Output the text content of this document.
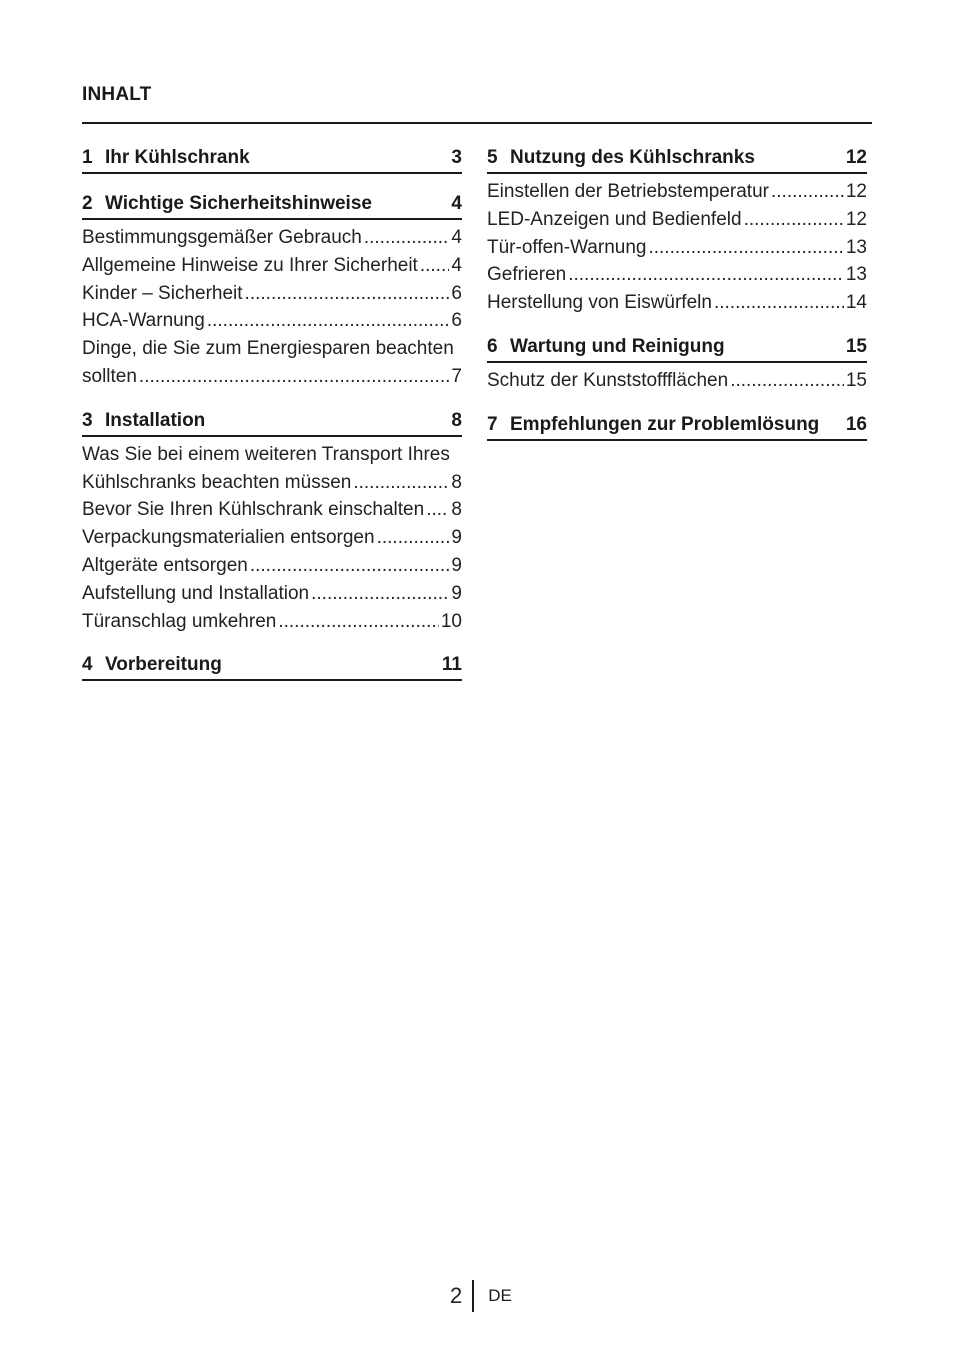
INHALT
1 Ihr Kühlschrank	3
2 Wichtige Sicherheitshinweise	4
Bestimmungsgemäßer Gebrauch .....	4
Allgemeine Hinweise zu Ihrer Sicherheit ..... 4
Kinder – Sicherheit .....	6
HCA-Warnung .....	6
Dinge, die Sie zum Energiesparen beachten
sollten .....	7
3 Installation	8
Was Sie bei einem weiteren Transport Ihres
Kühlschranks beachten müssen .....	8
Bevor Sie Ihren Kühlschrank einschalten ..... 8
Verpackungsmaterialien entsorgen .....	9
Altgeräte entsorgen .....	9
Aufstellung und Installation .....	9
Türanschlag umkehren .....	10
4 Vorbereitung	11
5 Nutzung des Kühlschranks	12
Einstellen der Betriebstemperatur .....	12
LED-Anzeigen und Bedienfeld .....	12
Tür-offen-Warnung .....	13
Gefrieren .....	13
Herstellung von Eiswürfeln .....	14
6 Wartung und Reinigung	15
Schutz der Kunststoffflächen .....	15
7 Empfehlungen zur Problemlösung 16
2 DE
